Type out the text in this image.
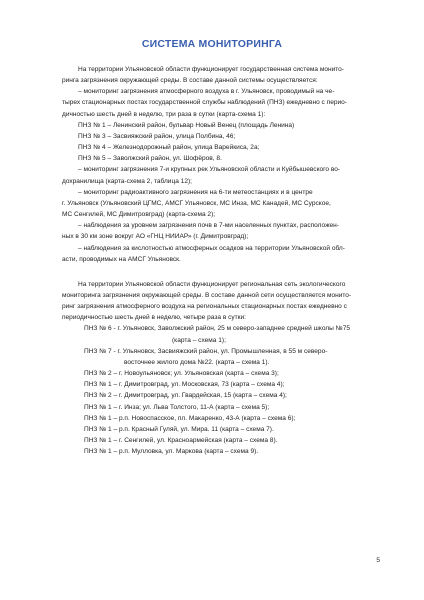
СИСТЕМА МОНИТОРИНГА
На территории Ульяновской области функционирует государственная система монито-
ринга загрязнения окружающей среды. В составе данной системы осуществляется:
– мониторинг загрязнения атмосферного воздуха в г. Ульяновск, проводимый на че-
тырех стационарных постах государственной службы наблюдений (ПНЗ) ежедневно с перио-
дичностью шесть дней в неделю, три раза в сутки (карта-схема 1):
ПНЗ № 1 – Ленинский район, бульвар Новый Венец (площадь Ленина)
ПНЗ № 3 – Засвияжский район, улица Полбина, 46;
ПНЗ № 4 – Железнодорожный район, улица Варейкиса, 2а;
ПНЗ № 5 – Заволжский район, ул. Шофёров, 8.
– мониторинг загрязнения 7-и крупных рек Ульяновской области и Куйбышевского во-
дохранилища (карта-схема 2, таблица 12);
– мониторинг радиоактивного загрязнения на 6-ти метеостанциях и в центре
г. Ульяновск (Ульяновский ЦГМС, АМСГ Ульяновск, МС Инза, МС Канадей, МС Сурское,
МС Сенгилей, МС Димитровград) (карта-схема 2);
– наблюдения за уровнем загрязнения почв в 7-ми населенных пунктах, расположен-
ных в 30 км зоне вокруг АО «ГНЦ НИИАР» (г. Димитровград);
– наблюдения за кислотностью атмосферных осадков на территории Ульяновской обл-
асти, проводимых на АМСГ Ульяновск.
На территории Ульяновской области функционирует региональная сеть экологического
мониторинга загрязнения окружающей среды. В составе данной сети осуществляется монито-
ринг загрязнения атмосферного воздуха на региональных стационарных постах ежедневно с
периодичностью шесть дней в неделю, четыре раза в сутки:
ПНЗ № 6 - г. Ульяновск, Заволжский район, 25 м северо-западнее средней школы №75
(карта – схема 1);
ПНЗ № 7 - г. Ульяновск, Засвияжский район, ул. Промышленная, в 55 м северо-
восточнее жилого дома №22. (карта – схема 1).
ПНЗ № 2 – г. Новоульяновск; ул. Ульяновская (карта – схема 3);
ПНЗ № 1 – г. Димитровград, ул. Московская, 73 (карта – схема 4);
ПНЗ № 2 – г. Димитровград, ул. Гвардейская, 15 (карта – схема 4);
ПНЗ № 1 – г. Инза; ул. Льва Толстого, 11-А (карта – схема 5);
ПНЗ № 1 – р.п. Новоспасское, пл. Макаренко, 43-А (карта – схема 6);
ПНЗ № 1 – р.п. Красный Гуляй, ул. Мира. 11 (карта – схема 7).
ПНЗ № 1 – г. Сенгилей, ул. Красноармейская (карта – схема 8).
ПНЗ № 1 – р.п. Мулловка, ул. Маркова (карта – схема 9).
5
